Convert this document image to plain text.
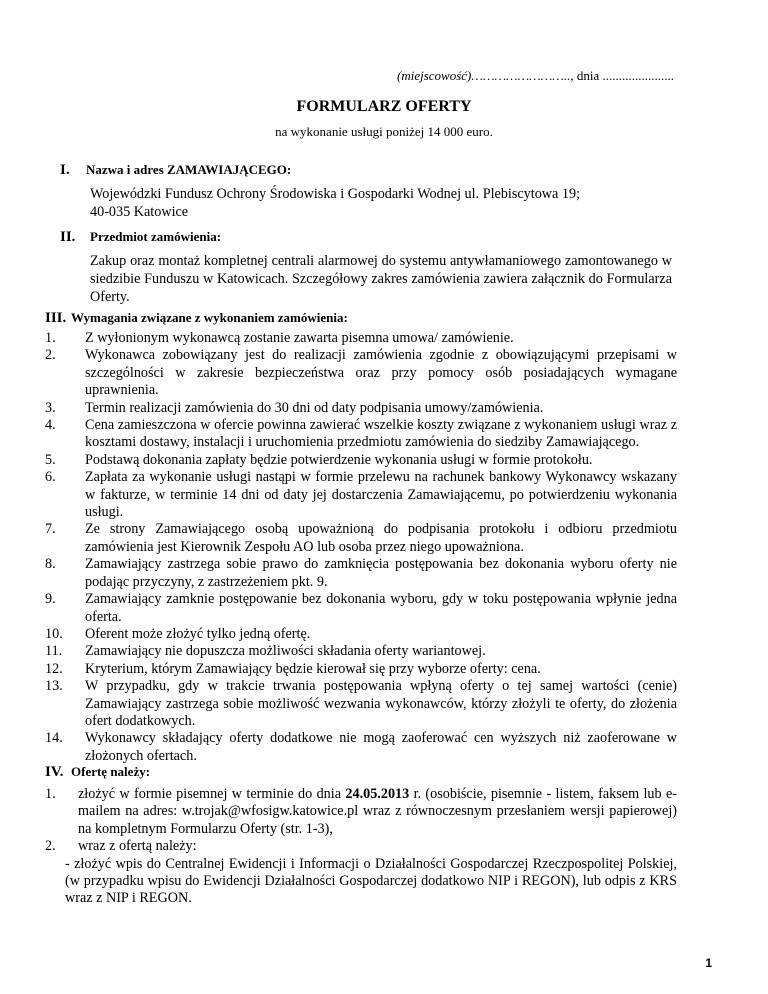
(miejscowość)…………………….., dnia ......................
FORMULARZ OFERTY
na wykonanie usługi poniżej 14 000 euro.
I. Nazwa i adres ZAMAWIAJĄCEGO:
Wojewódzki Fundusz Ochrony Środowiska i Gospodarki Wodnej ul. Plebiscytowa 19;
40-035 Katowice
II. Przedmiot zamówienia:
Zakup oraz montaż kompletnej centrali alarmowej do systemu antywłamaniowego zamontowanego w siedzibie Funduszu w Katowicach. Szczegółowy zakres zamówienia zawiera załącznik do Formularza Oferty.
III. Wymagania związane z wykonaniem zamówienia:
1.	Z wyłonionym wykonawcą zostanie zawarta pisemna umowa/ zamówienie.
2.	Wykonawca zobowiązany jest do realizacji zamówienia zgodnie z obowiązującymi przepisami w szczególności w zakresie bezpieczeństwa oraz przy pomocy osób posiadających wymagane uprawnienia.
3.	Termin realizacji zamówienia do 30 dni od daty podpisania umowy/zamówienia.
4.	Cena zamieszczona w ofercie powinna zawierać wszelkie koszty związane z wykonaniem usługi wraz z kosztami dostawy, instalacji i uruchomienia przedmiotu zamówienia do siedziby Zamawiającego.
5.	Podstawą dokonania zapłaty będzie potwierdzenie wykonania usługi w formie protokołu.
6.	Zapłata za wykonanie usługi nastąpi w formie przelewu na rachunek bankowy Wykonawcy wskazany w fakturze, w terminie 14 dni od daty jej dostarczenia Zamawiającemu, po potwierdzeniu wykonania usługi.
7.	Ze strony Zamawiającego osobą upoważnioną do podpisania protokołu i odbioru przedmiotu zamówienia jest Kierownik Zespołu AO lub osoba przez niego upoważniona.
8.	Zamawiający zastrzega sobie prawo do zamknięcia postępowania bez dokonania wyboru oferty nie podając przyczyny, z zastrzeżeniem pkt. 9.
9.	Zamawiający zamknie postępowanie bez dokonania wyboru, gdy w toku postępowania wpłynie jedna oferta.
10.	Oferent może złożyć tylko jedną ofertę.
11.	Zamawiający nie dopuszcza możliwości składania oferty wariantowej.
12.	Kryterium, którym Zamawiający będzie kierował się przy wyborze oferty: cena.
13.	W przypadku, gdy w trakcie trwania postępowania wpłyną oferty o tej samej wartości (cenie) Zamawiający zastrzega sobie możliwość wezwania wykonawców, którzy złożyli te oferty, do złożenia ofert dodatkowych.
14.	Wykonawcy składający oferty dodatkowe nie mogą zaoferować cen wyższych niż zaoferowane w złożonych ofertach.
IV. Ofertę należy:
1.	złożyć w formie pisemnej w terminie do dnia 24.05.2013 r. (osobiście, pisemnie - listem, faksem lub e-mailem na adres: w.trojak@wfosigw.katowice.pl wraz z równoczesnym przesłaniem wersji papierowej) na kompletnym Formularzu Oferty (str. 1-3),
2.	wraz z ofertą należy:
- złożyć wpis do Centralnej Ewidencji i Informacji o Działalności Gospodarczej Rzeczpospolitej Polskiej, (w przypadku wpisu do Ewidencji Działalności Gospodarczej dodatkowo NIP i REGON), lub odpis z KRS wraz z NIP i REGON.
1
